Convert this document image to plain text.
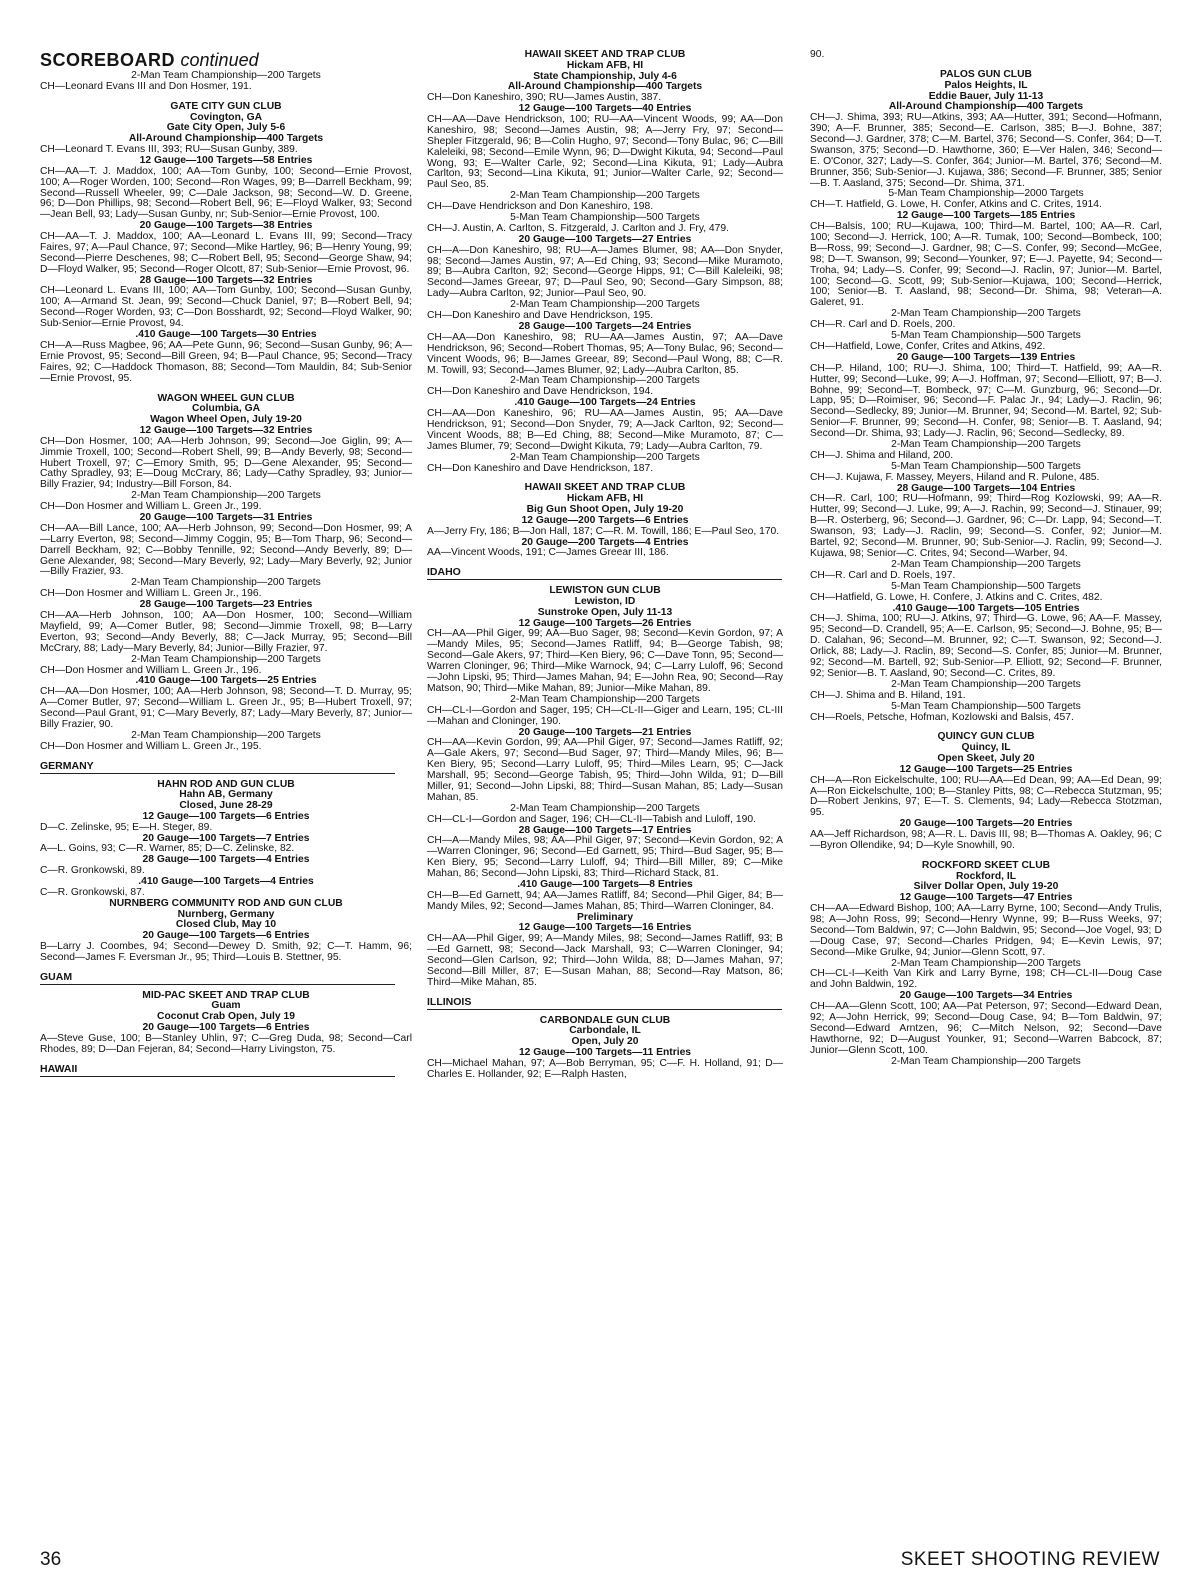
SCOREBOARD continued
2-Man Team Championship—200 Targets
CH—Leonard Evans III and Don Hosmer, 191.
GATE CITY GUN CLUB
Covington, GA
Gate City Open, July 5-6
All-Around Championship—400 Targets
CH—Leonard T. Evans III, 393; RU—Susan Gunby, 389.
12 Gauge—100 Targets—58 Entries
CH—AA—T. J. Maddox, 100; AA—Tom Gunby, 100; Second—Ernie Provost, 100; A—Roger Worden, 100; Second—Ron Wages, 99; B—Darrell Beckham, 99; Second—Russell Wheeler, 99; C—Dale Jackson, 98; Second—W. D. Greene, 96; D—Don Phillips, 98; Second—Robert Bell, 96; E—Floyd Walker, 93; Second—Jean Bell, 93; Lady—Susan Gunby, nr; Sub-Senior—Ernie Provost, 100.
20 Gauge—100 Targets—38 Entries
CH—AA—T. J. Maddox, 100; AA—Leonard L. Evans III, 99; Second—Tracy Faires, 97; A—Paul Chance, 97; Second—Mike Hartley, 96; B—Henry Young, 99; Second—Pierre Deschenes, 98; C—Robert Bell, 95; Second—George Shaw, 94; D—Floyd Walker, 95; Second—Roger Olcott, 87; Sub-Senior—Ernie Provost, 96.
28 Gauge—100 Targets—32 Entries
CH—Leonard L. Evans III, 100; AA—Tom Gunby, 100; Second—Susan Gunby, 100; A—Armand St. Jean, 99; Second—Chuck Daniel, 97; B—Robert Bell, 94; Second—Roger Worden, 93; C—Don Bosshardt, 92; Second—Floyd Walker, 90; Sub-Senior—Ernie Provost, 94.
.410 Gauge—100 Targets—30 Entries
CH—A—Russ Magbee, 96; AA—Pete Gunn, 96; Second—Susan Gunby, 96; A—Ernie Provost, 95; Second—Bill Green, 94; B—Paul Chance, 95; Second—Tracy Faires, 92; C—Haddock Thomason, 88; Second—Tom Mauldin, 84; Sub-Senior—Ernie Provost, 95.
WAGON WHEEL GUN CLUB
Columbia, GA
Wagon Wheel Open, July 19-20
12 Gauge—100 Targets—32 Entries
CH—Don Hosmer, 100; AA—Herb Johnson, 99; Second—Joe Giglin, 99; A—Jimmie Troxell, 100; Second—Robert Shell, 99; B—Andy Beverly, 98; Second—Hubert Troxell, 97; C—Emory Smith, 95; D—Gene Alexander, 95; Second—Cathy Spradley, 93; E—Doug McCrary, 86; Lady—Cathy Spradley, 93; Junior—Billy Frazier, 94; Industry—Bill Forson, 84.
2-Man Team Championship—200 Targets
CH—Don Hosmer and William L. Green Jr., 199.
20 Gauge—100 Targets—31 Entries
CH—AA—Bill Lance, 100; AA—Herb Johnson, 99; Second—Don Hosmer, 99; A—Larry Everton, 98; Second—Jimmy Coggin, 95; B—Tom Tharp, 96; Second—Darrell Beckham, 92; C—Bobby Tennille, 92; Second—Andy Beverly, 89; D—Gene Alexander, 98; Second—Mary Beverly, 92; Lady—Mary Beverly, 92; Junior—Billy Frazier, 93.
2-Man Team Championship—200 Targets
CH—Don Hosmer and William L. Green Jr., 196.
28 Gauge—100 Targets—23 Entries
CH—AA—Herb Johnson, 100; AA—Don Hosmer, 100; Second—William Mayfield, 99; A—Comer Butler, 98; Second—Jimmie Troxell, 98; B—Larry Everton, 93; Second—Andy Beverly, 88; C—Jack Murray, 95; Second—Bill McCrary, 88; Lady—Mary Beverly, 84; Junior—Billy Frazier, 97.
2-Man Team Championship—200 Targets
CH—Don Hosmer and William L. Green Jr., 196.
.410 Gauge—100 Targets—25 Entries
CH—AA—Don Hosmer, 100; AA—Herb Johnson, 98; Second—T. D. Murray, 95; A—Comer Butler, 97; Second—William L. Green Jr., 95; B—Hubert Troxell, 97; Second—Paul Grant, 91; C—Mary Beverly, 87; Lady—Mary Beverly, 87; Junior—Billy Frazier, 90.
2-Man Team Championship—200 Targets
CH—Don Hosmer and William L. Green Jr., 195.
GERMANY
HAHN ROD AND GUN CLUB
Hahn AB, Germany
Closed, June 28-29
12 Gauge—100 Targets—6 Entries
D—C. Zelinske, 95; E—H. Steger, 89.
20 Gauge—100 Targets—7 Entries
A—L. Goins, 93; C—R. Warner, 85; D—C. Zelinske, 82.
28 Gauge—100 Targets—4 Entries
C—R. Gronkowski, 89.
.410 Gauge—100 Targets—4 Entries
C—R. Gronkowski, 87.
NURNBERG COMMUNITY ROD AND GUN CLUB
Nurnberg, Germany
Closed Club, May 10
20 Gauge—100 Targets—6 Entries
B—Larry J. Coombes, 94; Second—Dewey D. Smith, 92; C—T. Hamm, 96; Second—James F. Eversman Jr., 95; Third—Louis B. Stettner, 95.
GUAM
MID-PAC SKEET AND TRAP CLUB
Guam
Coconut Crab Open, July 19
20 Gauge—100 Targets—6 Entries
A—Steve Guse, 100; B—Stanley Uhlin, 97; C—Greg Duda, 98; Second—Carl Rhodes, 89; D—Dan Fejeran, 84; Second—Harry Livingston, 75.
HAWAII
HAWAII SKEET AND TRAP CLUB
Hickam AFB, HI
State Championship, July 4-6
All-Around Championship—400 Targets
CH—Don Kaneshiro, 390; RU—James Austin, 387.
12 Gauge—100 Targets—40 Entries
CH—AA—Dave Hendrickson, 100; RU—AA—Vincent Woods, 99; AA—Don Kaneshiro, 98; Second—James Austin, 98; A—Jerry Fry, 97; Second—Shepler Fitzgerald, 96; B—Colin Hugho, 97; Second—Tony Bulac, 96; C—Bill Kaleleiki, 98; Second—Emile Wynn, 96; D—Dwight Kikuta, 94; Second—Paul Wong, 93; E—Walter Carle, 92; Second—Lina Kikuta, 91; Lady—Aubra Carlton, 93; Second—Lina Kikuta, 91; Junior—Walter Carle, 92; Second—Paul Seo, 85.
2-Man Team Championship—200 Targets
CH—Dave Hendrickson and Don Kaneshiro, 198.
5-Man Team Championship—500 Targets
CH—J. Austin, A. Carlton, S. Fitzgerald, J. Carlton and J. Fry, 479.
20 Gauge—100 Targets—27 Entries
CH—A—Don Kaneshiro, 98; RU—A—James Blumer, 98; AA—Don Snyder, 98; Second—James Austin, 97; A—Ed Ching, 93; Second—Mike Muramoto, 89; B—Aubra Carlton, 92; Second—George Hipps, 91; C—Bill Kaleleiki, 98; Second—James Greear, 97; D—Paul Seo, 90; Second—Gary Simpson, 88; Lady—Aubra Carlton, 92; Junior—Paul Seo, 90.
2-Man Team Championship—200 Targets
CH—Don Kaneshiro and Dave Hendrickson, 195.
28 Gauge—100 Targets—24 Entries
CH—AA—Don Kaneshiro, 98; RU—AA—James Austin, 97; AA—Dave Hendrickson, 96; Second—Robert Thomas, 95; A—Tony Bulac, 96; Second—Vincent Woods, 96; B—James Greear, 89; Second—Paul Wong, 88; C—R. M. Towill, 93; Second—James Blumer, 92; Lady—Aubra Carlton, 85.
2-Man Team Championship—200 Targets
CH—Don Kaneshiro and Dave Hendrickson, 194.
.410 Gauge—100 Targets—24 Entries
CH—AA—Don Kaneshiro, 96; RU—AA—James Austin, 95; AA—Dave Hendrickson, 91; Second—Don Snyder, 79; A—Jack Carlton, 92; Second—Vincent Woods, 88; B—Ed Ching, 88; Second—Mike Muramoto, 87; C—James Blumer, 79; Second—Dwight Kikuta, 79; Lady—Aubra Carlton, 79.
2-Man Team Championship—200 Targets
CH—Don Kaneshiro and Dave Hendrickson, 187.
HAWAII SKEET AND TRAP CLUB
Hickam AFB, HI
Big Gun Shoot Open, July 19-20
12 Gauge—200 Targets—6 Entries
A—Jerry Fry, 186; B—Jon Hall, 187; C—R. M. Towill, 186; E—Paul Seo, 170.
20 Gauge—200 Targets—4 Entries
AA—Vincent Woods, 191; C—James Greear III, 186.
IDAHO
LEWISTON GUN CLUB
Lewiston, ID
Sunstroke Open, July 11-13
12 Gauge—100 Targets—26 Entries
CH—AA—Phil Giger, 99; AA—Buo Sager, 98; Second—Kevin Gordon, 97; A—Mandy Miles, 95; Second—James Ratliff, 94; B—George Tabish, 98; Second—Gale Akers, 97; Third—Ken Biery, 96; C—Dave Tonn, 95; Second—Warren Cloninger, 96; Third—Mike Warnock, 94; C—Larry Luloff, 96; Second—John Lipski, 95; Third—James Mahan, 94; E—John Rea, 90; Second—Ray Matson, 90; Third—Mike Mahan, 89; Junior—Mike Mahan, 89.
2-Man Team Championship—200 Targets
CH—CL-I—Gordon and Sager, 195; CH—CL-II—Giger and Learn, 195; CL-III—Mahan and Cloninger, 190.
20 Gauge—100 Targets—21 Entries
CH—AA—Kevin Gordon, 99; AA—Phil Giger, 97; Second—James Ratliff, 92; A—Gale Akers, 97; Second—Bud Sager, 97; Third—Mandy Miles, 96; B—Ken Biery, 95; Second—Larry Luloff, 95; Third—Miles Learn, 95; C—Jack Marshall, 95; Second—George Tabish, 95; Third—John Wilda, 91; D—Bill Miller, 91; Second—John Lipski, 88; Third—Susan Mahan, 85; Lady—Susan Mahan, 85.
2-Man Team Championship—200 Targets
CH—CL-I—Gordon and Sager, 196; CH—CL-II—Tabish and Luloff, 190.
28 Gauge—100 Targets—17 Entries
CH—A—Mandy Miles, 98; AA—Phil Giger, 97; Second—Kevin Gordon, 92; A—Warren Cloninger, 96; Second—Ed Garnett, 95; Third—Bud Sager, 95; B—Ken Biery, 95; Second—Larry Luloff, 94; Third—Bill Miller, 89; C—Mike Mahan, 86; Second—John Lipski, 83; Third—Richard Stack, 81.
.410 Gauge—100 Targets—8 Entries
CH—B—Ed Garnett, 94; AA—James Ratliff, 84; Second—Phil Giger, 84; B—Mandy Miles, 92; Second—James Mahan, 85; Third—Warren Cloninger, 84.
Preliminary
12 Gauge—100 Targets—16 Entries
CH—AA—Phil Giger, 99; A—Mandy Miles, 98; Second—James Ratliff, 93; B—Ed Garnett, 98; Second—Jack Marshall, 93; C—Warren Cloninger, 94; Second—Glen Carlson, 92; Third—John Wilda, 88; D—James Mahan, 97; Second—Bill Miller, 87; E—Susan Mahan, 88; Second—Ray Matson, 86; Third—Mike Mahan, 85.
ILLINOIS
CARBONDALE GUN CLUB
Carbondale, IL
Open, July 20
12 Gauge—100 Targets—11 Entries
CH—Michael Mahan, 97; A—Bob Berryman, 95; C—F. H. Holland, 91; D—Charles E. Hollander, 92; E—Ralph Hasten,
90.
PALOS GUN CLUB
Palos Heights, IL
Eddie Bauer, July 11-13
All-Around Championship—400 Targets
CH—J. Shima, 393; RU—Atkins, 393; AA—Hutter, 391; Second—Hofmann, 390; A—F. Brunner, 385; Second—E. Carlson, 385; B—J. Bohne, 387; Second—J. Gardner, 378; C—M. Bartel, 376; Second—S. Confer, 364; D—T. Swanson, 375; Second—D. Hawthorne, 360; E—Ver Halen, 346; Second—E. O'Conor, 327; Lady—S. Confer, 364; Junior—M. Bartel, 376; Second—M. Brunner, 356; Sub-Senior—J. Kujawa, 386; Second—F. Brunner, 385; Senior—B. T. Aasland, 375; Second—Dr. Shima, 371.
5-Man Team Championship—2000 Targets
CH—T. Hatfield, G. Lowe, H. Confer, Atkins and C. Crites, 1914.
12 Gauge—100 Targets—185 Entries
CH—Balsis, 100; RU—Kujawa, 100; Third—M. Bartel, 100; AA—R. Carl, 100; Second—J. Herrick, 100; A—R. Tumak, 100; Second—Bombeck, 100; B—Ross, 99; Second—J. Gardner, 98; C—S. Confer, 99; Second—McGee, 98; D—T. Swanson, 99; Second—Younker, 97; E—J. Payette, 94; Second—Troha, 94; Lady—S. Confer, 99; Second—J. Raclin, 97; Junior—M. Bartel, 100; Second—G. Scott, 99; Sub-Senior—Kujawa, 100; Second—Herrick, 100; Senior—B. T. Aasland, 98; Second—Dr. Shima, 98; Veteran—A. Galeret, 91.
2-Man Team Championship—200 Targets
CH—R. Carl and D. Roels, 200.
5-Man Team Championship—500 Targets
CH—Hatfield, Lowe, Confer, Crites and Atkins, 492.
20 Gauge—100 Targets—139 Entries
CH—P. Hiland, 100; RU—J. Shima, 100; Third—T. Hatfield, 99; AA—R. Hutter, 99; Second—Luke, 99; A—J. Hoffman, 97; Second—Elliott, 97; B—J. Bohne, 99; Second—T. Bombeck, 97; C—M. Gunzburg, 96; Second—Dr. Lapp, 95; D—Roimiser, 96; Second—F. Palac Jr., 94; Lady—J. Raclin, 96; Second—Sedlecky, 89; Junior—M. Brunner, 94; Second—M. Bartel, 92; Sub-Senior—F. Brunner, 99; Second—H. Confer, 98; Senior—B. T. Aasland, 94; Second—Dr. Shima, 93; Lady—J. Raclin, 96; Second—Sedlecky, 89.
2-Man Team Championship—200 Targets
CH—J. Shima and Hiland, 200.
5-Man Team Championship—500 Targets
CH—J. Kujawa, F. Massey, Meyers, Hiland and R. Pulone, 485.
28 Gauge—100 Targets—104 Entries
CH—R. Carl, 100; RU—Hofmann, 99; Third—Rog Kozlowski, 99; AA—R. Hutter, 99; Second—J. Luke, 99; A—J. Rachin, 99; Second—J. Stinauer, 99; B—R. Osterberg, 96; Second—J. Gardner, 96; C—Dr. Lapp, 94; Second—T. Swanson, 93; Lady—J. Raclin, 99; Second—S. Confer, 92; Junior—M. Bartel, 92; Second—M. Brunner, 90; Sub-Senior—J. Raclin, 99; Second—J. Kujawa, 98; Senior—C. Crites, 94; Second—Warber, 94.
2-Man Team Championship—200 Targets
CH—R. Carl and D. Roels, 197.
5-Man Team Championship—500 Targets
CH—Hatfield, G. Lowe, H. Confere, J. Atkins and C. Crites, 482.
.410 Gauge—100 Targets—105 Entries
CH—J. Shima, 100; RU—J. Atkins, 97; Third—G. Lowe, 96; AA—F. Massey, 95; Second—D. Crandell, 95; A—E. Carlson, 95; Second—J. Bohne, 95; B—D. Calahan, 96; Second—M. Brunner, 92; C—T. Swanson, 92; Second—J. Orlick, 88; Lady—J. Raclin, 89; Second—S. Confer, 85; Junior—M. Brunner, 92; Second—M. Bartell, 92; Sub-Senior—P. Elliott, 92; Second—F. Brunner, 92; Senior—B. T. Aasland, 90; Second—C. Crites, 89.
2-Man Team Championship—200 Targets
CH—J. Shima and B. Hiland, 191.
5-Man Team Championship—500 Targets
CH—Roels, Petsche, Hofman, Kozlowski and Balsis, 457.
QUINCY GUN CLUB
Quincy, IL
Open Skeet, July 20
12 Gauge—100 Targets—25 Entries
CH—A—Ron Eickelschulte, 100; RU—AA—Ed Dean, 99; AA—Ed Dean, 99; A—Ron Eickelschulte, 100; B—Stanley Pitts, 98; C—Rebecca Stutzman, 95; D—Robert Jenkins, 97; E—T. S. Clements, 94; Lady—Rebecca Stotzman, 95.
20 Gauge—100 Targets—20 Entries
AA—Jeff Richardson, 98; A—R. L. Davis III, 98; B—Thomas A. Oakley, 96; C—Byron Ollendike, 94; D—Kyle Snowhill, 90.
ROCKFORD SKEET CLUB
Rockford, IL
Silver Dollar Open, July 19-20
12 Gauge—100 Targets—47 Entries
CH—AA—Edward Bishop, 100; AA—Larry Byrne, 100; Second—Andy Trulis, 98; A—John Ross, 99; Second—Henry Wynne, 99; B—Russ Weeks, 97; Second—Tom Baldwin, 97; C—John Baldwin, 95; Second—Joe Vogel, 93; D—Doug Case, 97; Second—Charles Pridgen, 94; E—Kevin Lewis, 97; Second—Mike Grulke, 94; Junior—Glenn Scott, 97.
2-Man Team Championship—200 Targets
CH—CL-I—Keith Van Kirk and Larry Byrne, 198; CH—CL-II—Doug Case and John Baldwin, 192.
20 Gauge—100 Targets—34 Entries
CH—AA—Glenn Scott, 100; AA—Pat Peterson, 97; Second—Edward Dean, 92; A—John Herrick, 99; Second—Doug Case, 94; B—Tom Baldwin, 97; Second—Edward Arntzen, 96; C—Mitch Nelson, 92; Second—Dave Hawthorne, 92; D—August Younker, 91; Second—Warren Babcock, 87; Junior—Glenn Scott, 100.
2-Man Team Championship—200 Targets
36	SKEET SHOOTING REVIEW
